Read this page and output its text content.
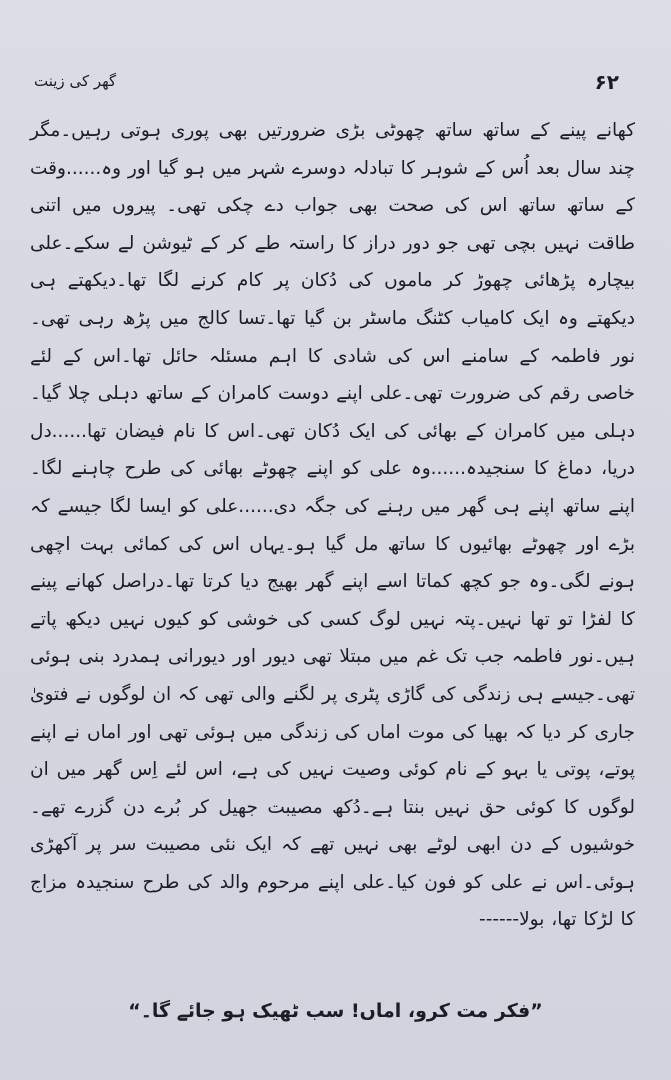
۶۲
گھر کی زینت

کھانے پینے کے ساتھ ساتھ چھوٹی بڑی ضرورتیں بھی پوری ہوتی رہیں۔مگر چند سال بعد اُس کے شوہر کا تبادلہ دوسرے شہر میں ہو گیا اور وہ......وقت کے ساتھ ساتھ اس کی صحت بھی جواب دے چکی تھی۔ پیروں میں اتنی طاقت نہیں بچی تھی جو دور دراز کا راستہ طے کر کے ٹیوشن لے سکے۔علی بیچارہ پڑھائی چھوڑ کر ماموں کی دُکان پر کام کرنے لگا تھا۔دیکھتے ہی دیکھتے وہ ایک کامیاب کٹنگ ماسٹر بن گیا تھا۔تسا کالج میں پڑھ رہی تھی۔نور فاطمہ کے سامنے اس کی شادی کا اہم مسئلہ حائل تھا۔اس کے لئے خاصی رقم کی ضرورت تھی۔علی اپنے دوست کامران کے ساتھ دہلی چلا گیا۔دہلی میں کامران کے بھائی کی ایک دُکان تھی۔اس کا نام فیضان تھا......دل دریا، دماغ کا سنجیدہ......وہ علی کو اپنے چھوٹے بھائی کی طرح چاہنے لگا۔اپنے ساتھ اپنے ہی گھر میں رہنے کی جگہ دی......علی کو ایسا لگا جیسے کہ بڑے اور چھوٹے بھائیوں کا ساتھ مل گیا ہو۔یہاں اس کی کمائی بہت اچھی ہونے لگی۔وہ جو کچھ کماتا اسے اپنے گھر بھیج دیا کرتا تھا۔دراصل کھانے پینے کا لفڑا تو تھا نہیں۔پتہ نہیں لوگ کسی کی خوشی کو کیوں نہیں دیکھ پاتے ہیں۔نور فاطمہ جب تک غم میں مبتلا تھی دیور اور دیورانی ہمدرد بنی ہوئی تھی۔جیسے ہی زندگی کی گاڑی پٹری پر لگنے والی تھی کہ ان لوگوں نے فتویٰ جاری کر دیا کہ بھیا کی موت اماں کی زندگی میں ہوئی تھی اور اماں نے اپنے پوتے، پوتی یا بہو کے نام کوئی وصیت نہیں کی ہے، اس لئے اِس گھر میں ان لوگوں کا کوئی حق نہیں بنتا ہے۔دُکھ مصیبت جھیل کر بُرے دن گزرے تھے۔خوشیوں کے دن ابھی لوٹے بھی نہیں تھے کہ ایک نئی مصیبت سر پر آکھڑی ہوئی۔اس نے علی کو فون کیا۔علی اپنے مرحوم والد کی طرح سنجیدہ مزاج کا لڑکا تھا، بولا------

”فکر مت کرو، اماں! سب ٹھیک ہو جائے گا۔“
